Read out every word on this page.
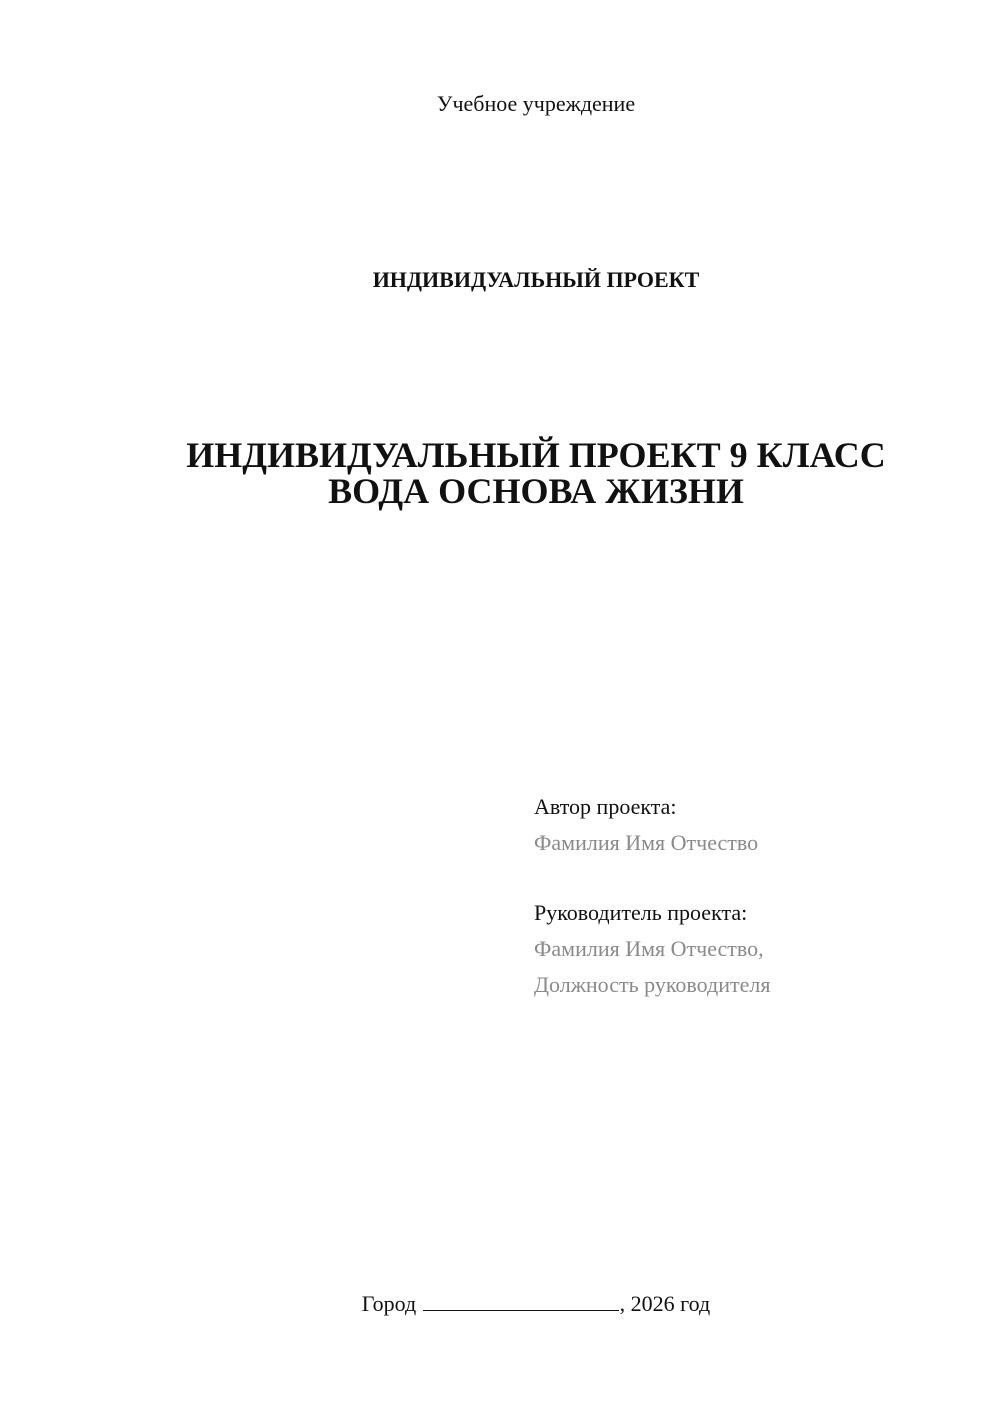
Учебное учреждение
ИНДИВИДУАЛЬНЫЙ ПРОЕКТ
ИНДИВИДУАЛЬНЫЙ ПРОЕКТ 9 КЛАСС
ВОДА ОСНОВА ЖИЗНИ
Автор проекта:
Фамилия Имя Отчество
Руководитель проекта:
Фамилия Имя Отчество,
Должность руководителя
Город	, 2026 год
